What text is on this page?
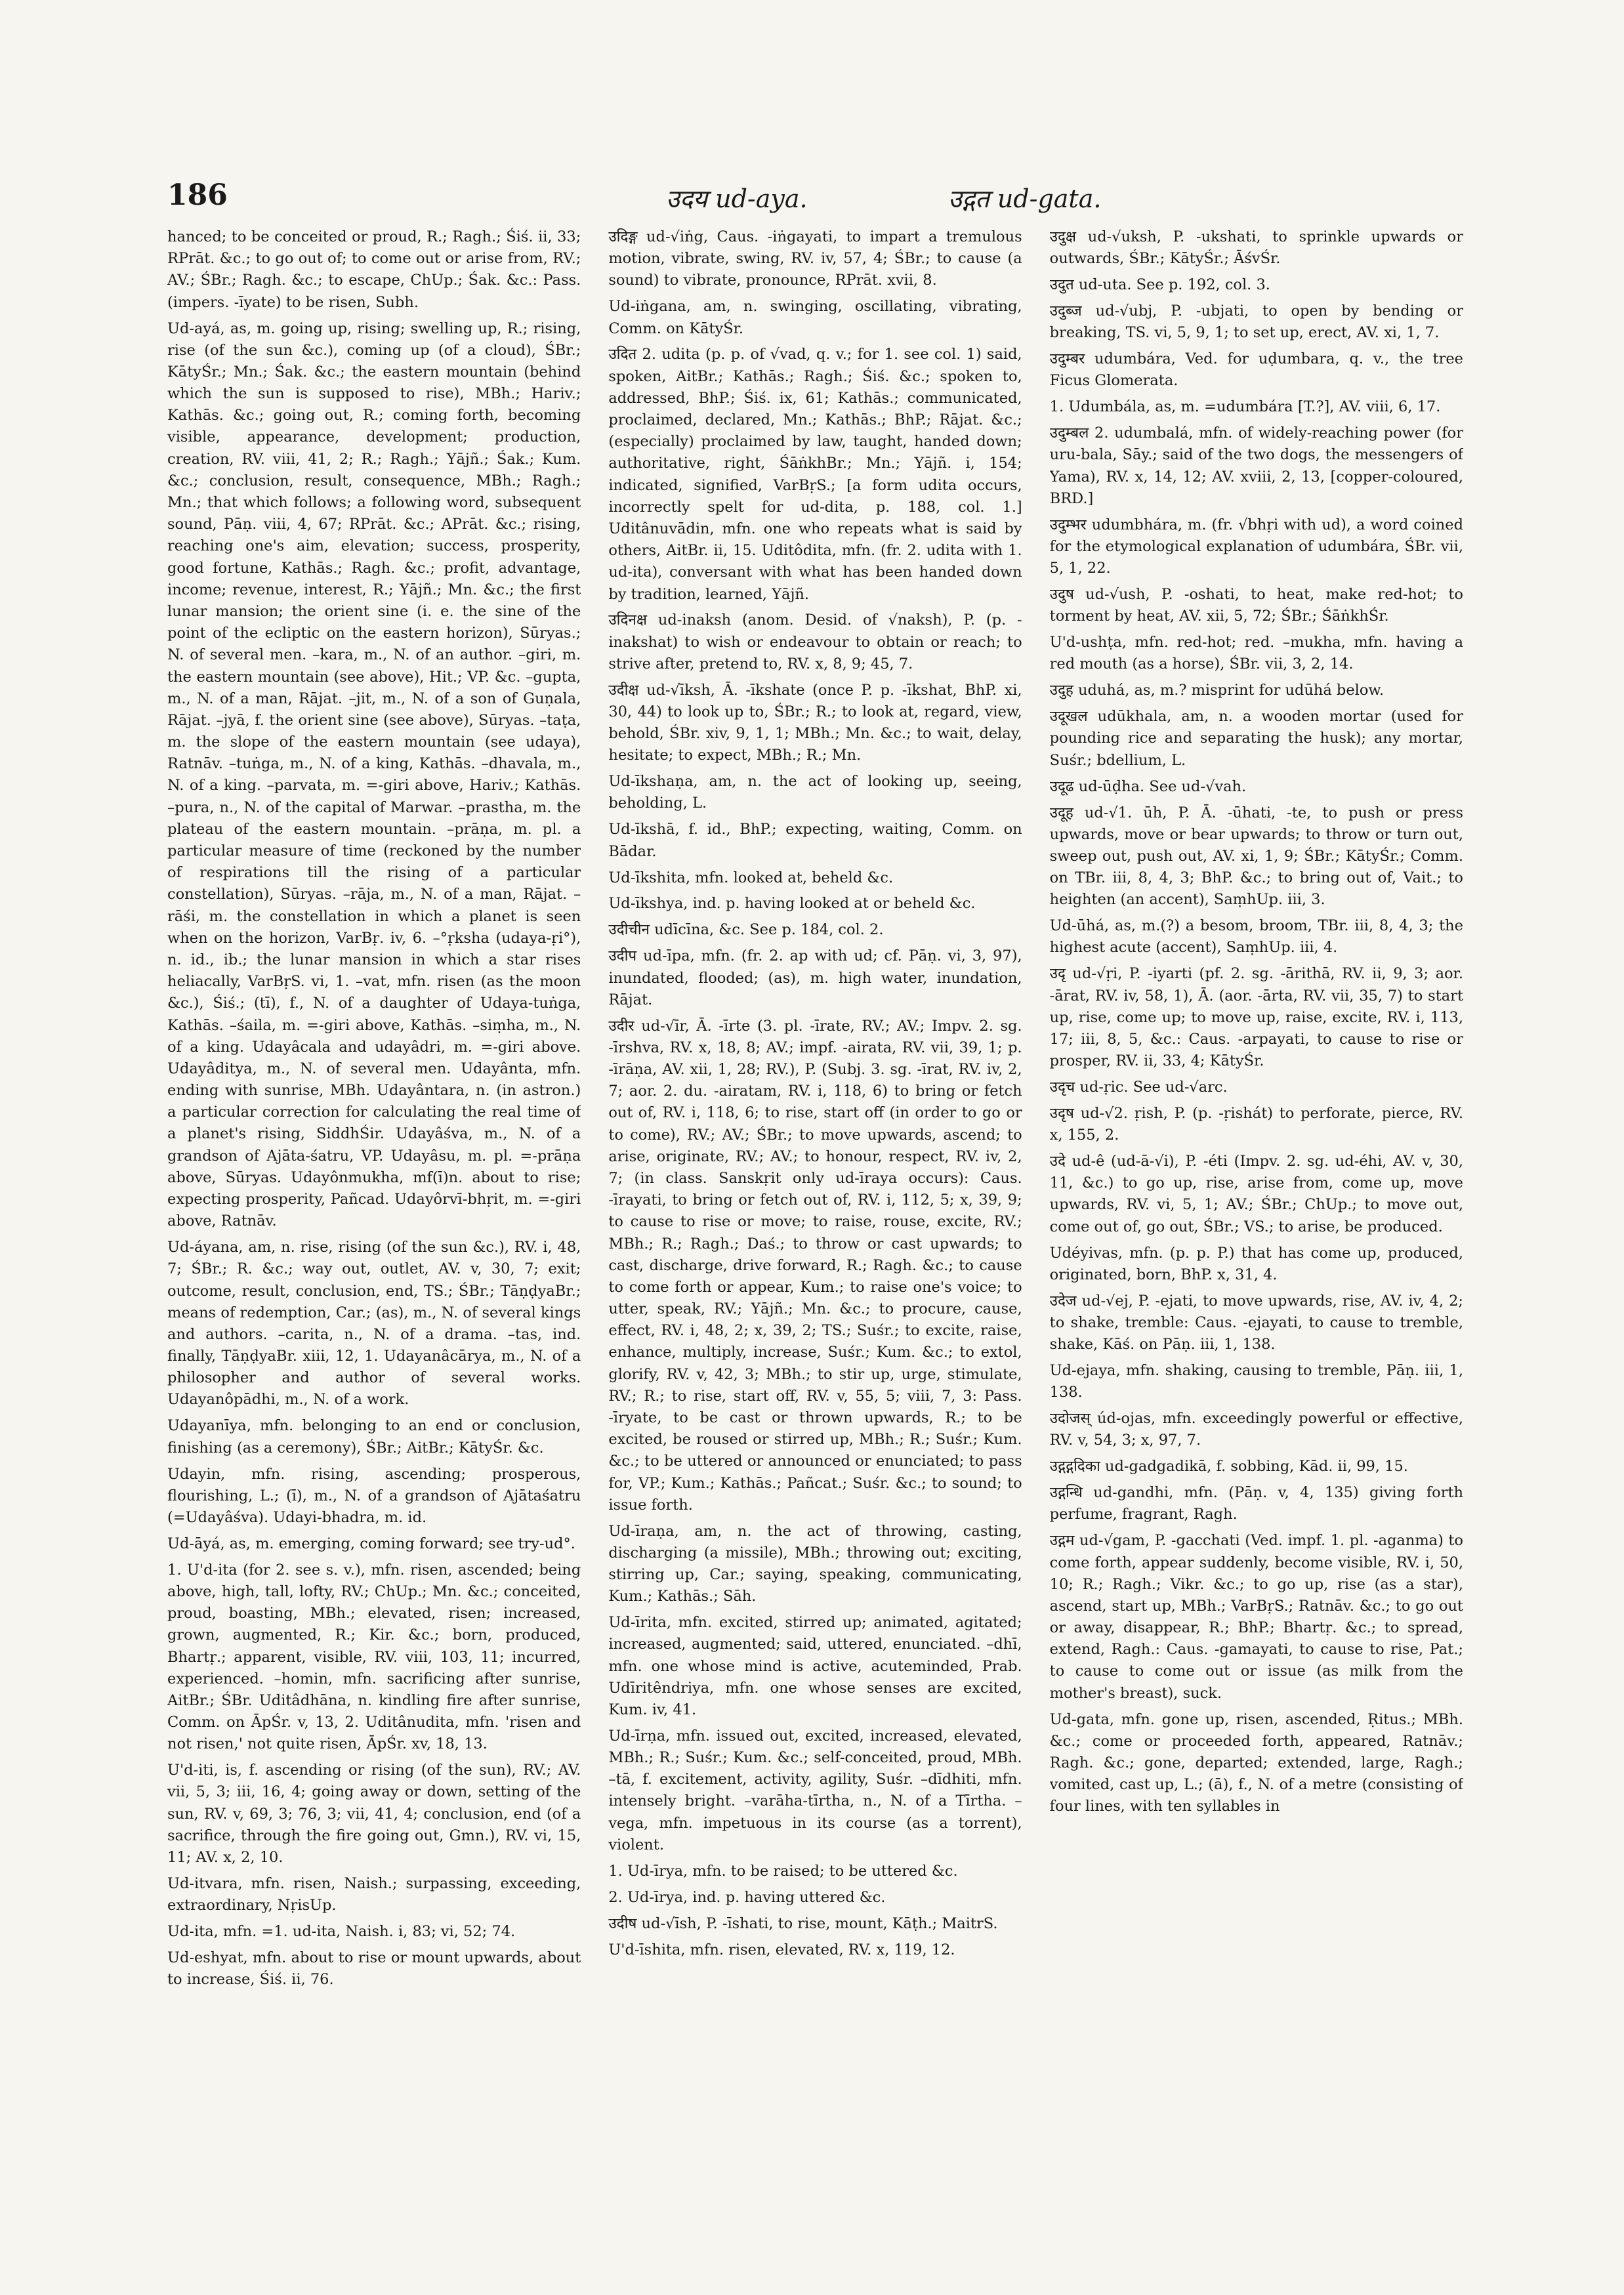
186	उदय ud-aya.	उद्गत ud-gata.

hanced; to be conceited or proud, R.; Ragh.; Śiś. ii, 33; RPrāt. &c.; to go out of; to come out or arise from, RV.; AV.; ŚBr.; Ragh. &c.; to escape, ChUp.; Śak. &c.: Pass. (impers. -īyate) to be risen, Subh.

Ud-ayá, as, m. going up, rising; swelling up, R.; rising, rise (of the sun &c.), coming up (of a cloud), ŚBr.; KātyŚr.; Mn.; Śak. &c.; the eastern mountain (behind which the sun is supposed to rise), MBh.; Hariv.; Kathās. &c.; going out, R.; coming forth, becoming visible, appearance, development; production, creation, RV. viii, 41, 2; R.; Ragh.; Yājñ.; Śak.; Kum. &c.; conclusion, result, consequence, MBh.; Ragh.; Mn.; that which follows; a following word, subsequent sound, Pāṇ. viii, 4, 67; RPrāt. &c.; APrāt. &c.; rising, reaching one's aim, elevation; success, prosperity, good fortune, Kathās.; Ragh. &c.; profit, advantage, income; revenue, interest, R.; Yājñ.; Mn. &c.; the first lunar mansion; the orient sine (i. e. the sine of the point of the ecliptic on the eastern horizon), Sūryas.; N. of several men. –kara, m., N. of an author. –giri, m. the eastern mountain (see above), Hit.; VP. &c. –gupta, m., N. of a man, Rājat. –jit, m., N. of a son of Guṇala, Rājat. –jyā, f. the orient sine (see above), Sūryas. –taṭa, m. the slope of the eastern mountain (see udaya), Ratnāv. –tuṅga, m., N. of a king, Kathās. –dhavala, m., N. of a king. –parvata, m. =-giri above, Hariv.; Kathās. –pura, n., N. of the capital of Marwar. –prastha, m. the plateau of the eastern mountain. –prāṇa, m. pl. a particular measure of time (reckoned by the number of respirations till the rising of a particular constellation), Sūryas. –rāja, m., N. of a man, Rājat. –rāśi, m. the constellation in which a planet is seen when on the horizon, VarBṛ. iv, 6. –°ṛksha (udaya-ṛi°), n. id., ib.; the lunar mansion in which a star rises heliacally, VarBṛS. vi, 1. –vat, mfn. risen (as the moon &c.), Śiś.; (tī), f., N. of a daughter of Udaya-tuṅga, Kathās. –śaila, m. =-giri above, Kathās. –siṃha, m., N. of a king. Udayâcala and udayâdri, m. =-giri above. Udayâditya, m., N. of several men. Udayânta, mfn. ending with sunrise, MBh. Udayântara, n. (in astron.) a particular correction for calculating the real time of a planet's rising, SiddhŚir. Udayâśva, m., N. of a grandson of Ajāta-śatru, VP. Udayâsu, m. pl. =-prāṇa above, Sūryas. Udayônmukha, mf(ī)n. about to rise; expecting prosperity, Pañcad. Udayôrvī-bhṛit, m. =-giri above, Ratnāv.

Ud-áyana, am, n. rise, rising (of the sun &c.), RV. i, 48, 7; ŚBr.; R. &c.; way out, outlet, AV. v, 30, 7; exit; outcome, result, conclusion, end, TS.; ŚBr.; TāṇḍyaBr.; means of redemption, Car.; (as), m., N. of several kings and authors. –carita, n., N. of a drama. –tas, ind. finally, TāṇḍyaBr. xiii, 12, 1. Udayanâcārya, m., N. of a philosopher and author of several works. Udayanôpādhi, m., N. of a work.

Udayanīya, mfn. belonging to an end or conclusion, finishing (as a ceremony), ŚBr.; AitBr.; KātyŚr. &c.

Udayin, mfn. rising, ascending; prosperous, flourishing, L.; (ī), m., N. of a grandson of Ajātaśatru (=Udayâśva). Udayi-bhadra, m. id.

Ud-āyá, as, m. emerging, coming forward; see try-ud°.

1. U'd-ita (for 2. see s. v.), mfn. risen, ascended; being above, high, tall, lofty, RV.; ChUp.; Mn. &c.; conceited, proud, boasting, MBh.; elevated, risen; increased, grown, augmented, R.; Kir. &c.; born, produced, Bhartṛ.; apparent, visible, RV. viii, 103, 11; incurred, experienced. –homin, mfn. sacrificing after sunrise, AitBr.; ŚBr. Uditâdhāna, n. kindling fire after sunrise, Comm. on ĀpŚr. v, 13, 2. Uditânudita, mfn. 'risen and not risen,' not quite risen, ĀpŚr. xv, 18, 13.

U'd-iti, is, f. ascending or rising (of the sun), RV.; AV. vii, 5, 3; iii, 16, 4; going away or down, setting of the sun, RV. v, 69, 3; 76, 3; vii, 41, 4; conclusion, end (of a sacrifice, through the fire going out, Gmn.), RV. vi, 15, 11; AV. x, 2, 10.

Ud-itvara, mfn. risen, Naish.; surpassing, exceeding, extraordinary, NṛisUp.

Ud-ita, mfn. =1. ud-ita, Naish. i, 83; vi, 52; 74.

Ud-eshyat, mfn. about to rise or mount upwards, about to increase, Śiś. ii, 76.

उदिङ्ग ud-√iṅg, Caus. -iṅgayati, to impart a tremulous motion, vibrate, swing, RV. iv, 57, 4; ŚBr.; to cause (a sound) to vibrate, pronounce, RPrāt. xvii, 8.

Ud-iṅgana, am, n. swinging, oscillating, vibrating, Comm. on KātyŚr.

उदित 2. udita (p. p. of √vad, q. v.; for 1. see col. 1) said, spoken, AitBr.; Kathās.; Ragh.; Śiś. &c.; spoken to, addressed, BhP.; Śiś. ix, 61; Kathās.; communicated, proclaimed, declared, Mn.; Kathās.; BhP.; Rājat. &c.; (especially) proclaimed by law, taught, handed down; authoritative, right, ŚāṅkhBr.; Mn.; Yājñ. i, 154; indicated, signified, VarBṛS.; [a form udita occurs, incorrectly spelt for ud-dita, p. 188, col. 1.] Uditânuvādin, mfn. one who repeats what is said by others, AitBr. ii, 15. Uditôdita, mfn. (fr. 2. udita with 1. ud-ita), conversant with what has been handed down by tradition, learned, Yājñ.

उदिनक्ष ud-inaksh (anom. Desid. of √naksh), P. (p. -inakshat) to wish or endeavour to obtain or reach; to strive after, pretend to, RV. x, 8, 9; 45, 7.

उदीक्ष ud-√īksh, Ā. -īkshate (once P. p. -īkshat, BhP. xi, 30, 44) to look up to, ŚBr.; R.; to look at, regard, view, behold, ŚBr. xiv, 9, 1, 1; MBh.; Mn. &c.; to wait, delay, hesitate; to expect, MBh.; R.; Mn.

Ud-īkshaṇa, am, n. the act of looking up, seeing, beholding, L.

Ud-īkshā, f. id., BhP.; expecting, waiting, Comm. on Bādar.

Ud-īkshita, mfn. looked at, beheld &c.

Ud-īkshya, ind. p. having looked at or beheld &c.

उदीचीन udīcīna, &c. See p. 184, col. 2.

उदीप ud-īpa, mfn. (fr. 2. ap with ud; cf. Pāṇ. vi, 3, 97), inundated, flooded; (as), m. high water, inundation, Rājat.

उदीर ud-√īr, Ā. -īrte (3. pl. -īrate, RV.; AV.; Impv. 2. sg. -īrshva, RV. x, 18, 8; AV.; impf. -airata, RV. vii, 39, 1; p. -īrāṇa, AV. xii, 1, 28; RV.), P. (Subj. 3. sg. -īrat, RV. iv, 2, 7; aor. 2. du. -airatam, RV. i, 118, 6) to bring or fetch out of, RV. i, 118, 6; to rise, start off (in order to go or to come), RV.; AV.; ŚBr.; to move upwards, ascend; to arise, originate, RV.; AV.; to honour, respect, RV. iv, 2, 7; (in class. Sanskṛit only ud-īraya occurs): Caus. -īrayati, to bring or fetch out of, RV. i, 112, 5; x, 39, 9; to cause to rise or move; to raise, rouse, excite, RV.; MBh.; R.; Ragh.; Daś.; to throw or cast upwards; to cast, discharge, drive forward, R.; Ragh. &c.; to cause to come forth or appear, Kum.; to raise one's voice; to utter, speak, RV.; Yājñ.; Mn. &c.; to procure, cause, effect, RV. i, 48, 2; x, 39, 2; TS.; Suśr.; to excite, raise, enhance, multiply, increase, Suśr.; Kum. &c.; to extol, glorify, RV. v, 42, 3; MBh.; to stir up, urge, stimulate, RV.; R.; to rise, start off, RV. v, 55, 5; viii, 7, 3: Pass. -īryate, to be cast or thrown upwards, R.; to be excited, be roused or stirred up, MBh.; R.; Suśr.; Kum. &c.; to be uttered or announced or enunciated; to pass for, VP.; Kum.; Kathās.; Pañcat.; Suśr. &c.; to sound; to issue forth.

Ud-īraṇa, am, n. the act of throwing, casting, discharging (a missile), MBh.; throwing out; exciting, stirring up, Car.; saying, speaking, communicating, Kum.; Kathās.; Sāh.

Ud-īrita, mfn. excited, stirred up; animated, agitated; increased, augmented; said, uttered, enunciated. –dhī, mfn. one whose mind is active, acuteminded, Prab. Udīritêndriya, mfn. one whose senses are excited, Kum. iv, 41.

Ud-īrṇa, mfn. issued out, excited, increased, elevated, MBh.; R.; Suśr.; Kum. &c.; self-conceited, proud, MBh. –tā, f. excitement, activity, agility, Suśr. –dīdhiti, mfn. intensely bright. –varāha-tīrtha, n., N. of a Tīrtha. –vega, mfn. impetuous in its course (as a torrent), violent.

1. Ud-īrya, mfn. to be raised; to be uttered &c.

2. Ud-īrya, ind. p. having uttered &c.

उदीष ud-√īsh, P. -īshati, to rise, mount, Kāṭh.; MaitrS.

U'd-īshita, mfn. risen, elevated, RV. x, 119, 12.

उदुक्ष ud-√uksh, P. -ukshati, to sprinkle upwards or outwards, ŚBr.; KātyŚr.; ĀśvŚr.

उदुत ud-uta. See p. 192, col. 3.

उदुब्ज ud-√ubj, P. -ubjati, to open by bending or breaking, TS. vi, 5, 9, 1; to set up, erect, AV. xi, 1, 7.

उदुम्बर udumbára, Ved. for uḍumbara, q. v., the tree Ficus Glomerata.

1. Udumbála, as, m. =udumbára [T.?], AV. viii, 6, 17.

उदुम्बल 2. udumbalá, mfn. of widely-reaching power (for uru-bala, Sāy.; said of the two dogs, the messengers of Yama), RV. x, 14, 12; AV. xviii, 2, 13, [copper-coloured, BRD.]

उदुम्भर udumbhára, m. (fr. √bhṛi with ud), a word coined for the etymological explanation of udumbára, ŚBr. vii, 5, 1, 22.

उदुष ud-√ush, P. -oshati, to heat, make red-hot; to torment by heat, AV. xii, 5, 72; ŚBr.; ŚāṅkhŚr.

U'd-ushṭa, mfn. red-hot; red. –mukha, mfn. having a red mouth (as a horse), ŚBr. vii, 3, 2, 14.

उदुह uduhá, as, m.? misprint for udūhá below.

उदूखल udūkhala, am, n. a wooden mortar (used for pounding rice and separating the husk); any mortar, Suśr.; bdellium, L.

उदूढ ud-ūḍha. See ud-√vah.

उदूह ud-√1. ūh, P. Ā. -ūhati, -te, to push or press upwards, move or bear upwards; to throw or turn out, sweep out, push out, AV. xi, 1, 9; ŚBr.; KātyŚr.; Comm. on TBr. iii, 8, 4, 3; BhP. &c.; to bring out of, Vait.; to heighten (an accent), SaṃhUp. iii, 3.

Ud-ūhá, as, m.(?) a besom, broom, TBr. iii, 8, 4, 3; the highest acute (accent), SaṃhUp. iii, 4.

उदृ ud-√ṛi, P. -iyarti (pf. 2. sg. -ārithā, RV. ii, 9, 3; aor. -ārat, RV. iv, 58, 1), Ā. (aor. -ārta, RV. vii, 35, 7) to start up, rise, come up; to move up, raise, excite, RV. i, 113, 17; iii, 8, 5, &c.: Caus. -arpayati, to cause to rise or prosper, RV. ii, 33, 4; KātyŚr.

उदृच ud-ṛic. See ud-√arc.

उदृष ud-√2. ṛish, P. (p. -ṛishát) to perforate, pierce, RV. x, 155, 2.

उदे ud-ê (ud-ā-√i), P. -éti (Impv. 2. sg. ud-éhi, AV. v, 30, 11, &c.) to go up, rise, arise from, come up, move upwards, RV. vi, 5, 1; AV.; ŚBr.; ChUp.; to move out, come out of, go out, ŚBr.; VS.; to arise, be produced.

Udéyivas, mfn. (p. p. P.) that has come up, produced, originated, born, BhP. x, 31, 4.

उदेज ud-√ej, P. -ejati, to move upwards, rise, AV. iv, 4, 2; to shake, tremble: Caus. -ejayati, to cause to tremble, shake, Kāś. on Pāṇ. iii, 1, 138.

Ud-ejaya, mfn. shaking, causing to tremble, Pāṇ. iii, 1, 138.

उदोजस् úd-ojas, mfn. exceedingly powerful or effective, RV. v, 54, 3; x, 97, 7.

उद्गद्गदिका ud-gadgadikā, f. sobbing, Kād. ii, 99, 15.

उद्गन्धि ud-gandhi, mfn. (Pāṇ. v, 4, 135) giving forth perfume, fragrant, Ragh.

उद्गम ud-√gam, P. -gacchati (Ved. impf. 1. pl. -aganma) to come forth, appear suddenly, become visible, RV. i, 50, 10; R.; Ragh.; Vikr. &c.; to go up, rise (as a star), ascend, start up, MBh.; VarBṛS.; Ratnāv. &c.; to go out or away, disappear, R.; BhP.; Bhartṛ. &c.; to spread, extend, Ragh.: Caus. -gamayati, to cause to rise, Pat.; to cause to come out or issue (as milk from the mother's breast), suck.

Ud-gata, mfn. gone up, risen, ascended, Ṛitus.; MBh. &c.; come or proceeded forth, appeared, Ratnāv.; Ragh. &c.; gone, departed; extended, large, Ragh.; vomited, cast up, L.; (ā), f., N. of a metre (consisting of four lines, with ten syllables in
